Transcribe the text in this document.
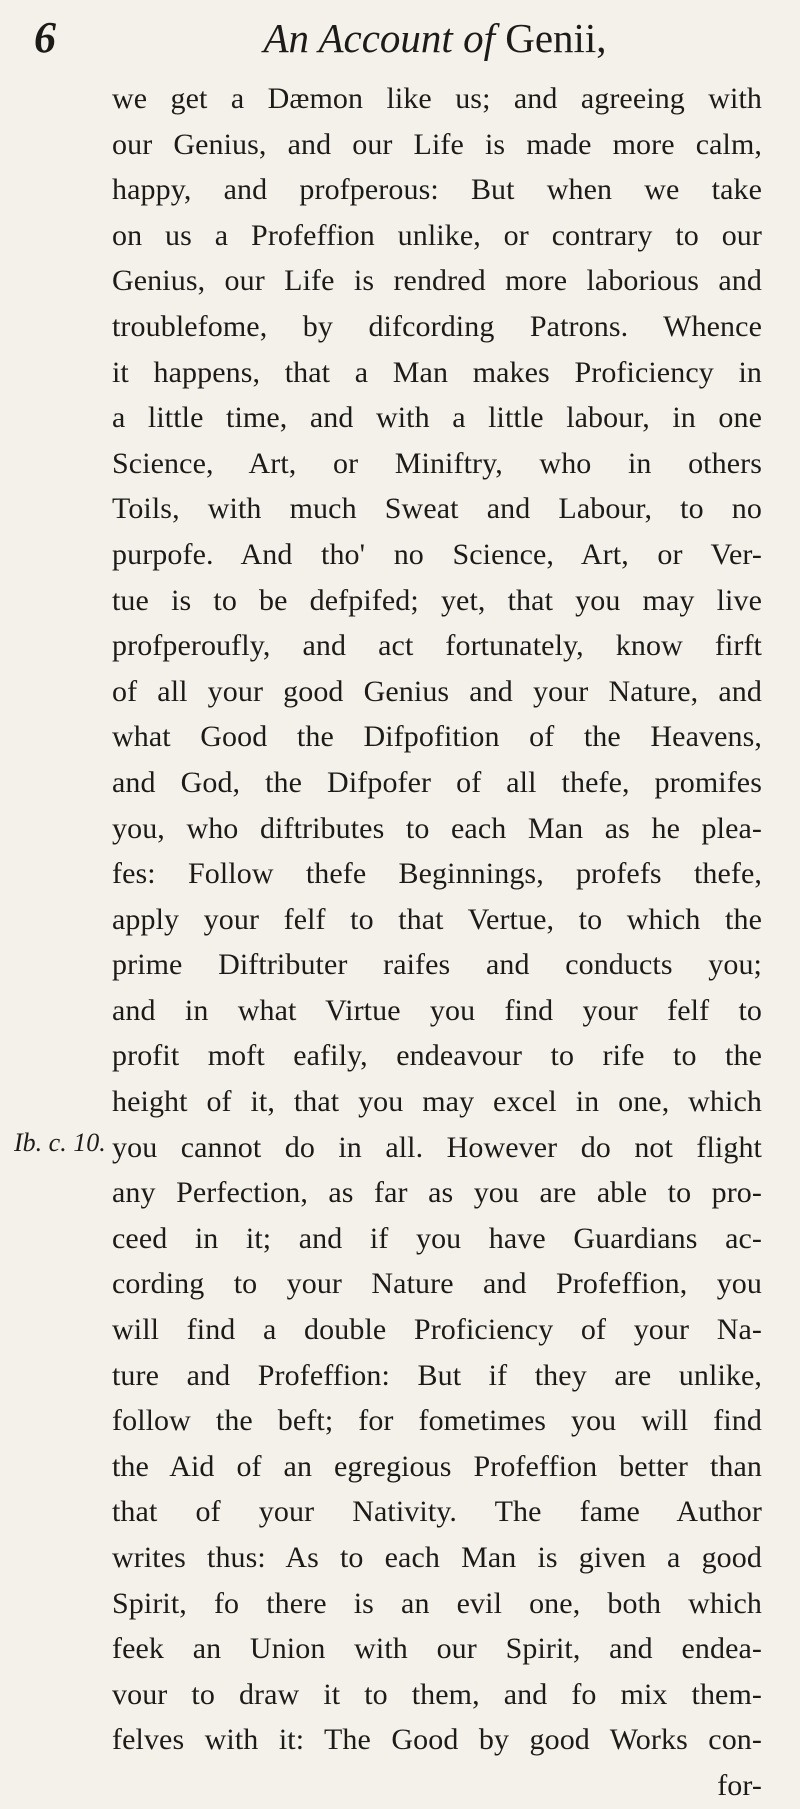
6	An Account of Genii,
Ib. c. 10.
we get a Dæmon like us; and agreeing with
our Genius, and our Life is made more calm,
happy, and profperous: But when we take
on us a Profeffion unlike, or contrary to our
Genius, our Life is rendred more laborious and
troublefome, by difcording Patrons. Whence
it happens, that a Man makes Proficiency in
a little time, and with a little labour, in one
Science, Art, or Miniftry, who in others
Toils, with much Sweat and Labour, to no
purpofe. And tho' no Science, Art, or Ver-
tue is to be defpifed; yet, that you may live
profperoufly, and act fortunately, know firft
of all your good Genius and your Nature, and
what Good the Difpofition of the Heavens,
and God, the Difpofer of all thefe, promifes
you, who diftributes to each Man as he plea-
fes: Follow thefe Beginnings, profefs thefe,
apply your felf to that Vertue, to which the
prime Diftributer raifes and conducts you;
and in what Virtue you find your felf to
profit moft eafily, endeavour to rife to the
height of it, that you may excel in one, which
you cannot do in all. However do not flight
any Perfection, as far as you are able to pro-
ceed in it; and if you have Guardians ac-
cording to your Nature and Profeffion, you
will find a double Proficiency of your Na-
ture and Profeffion: But if they are unlike,
follow the beft; for fometimes you will find
the Aid of an egregious Profeffion better than
that of your Nativity. The fame Author
writes thus: As to each Man is given a good
Spirit, fo there is an evil one, both which
feek an Union with our Spirit, and endea-
vour to draw it to them, and fo mix them-
felves with it: The Good by good Works con-
for-
